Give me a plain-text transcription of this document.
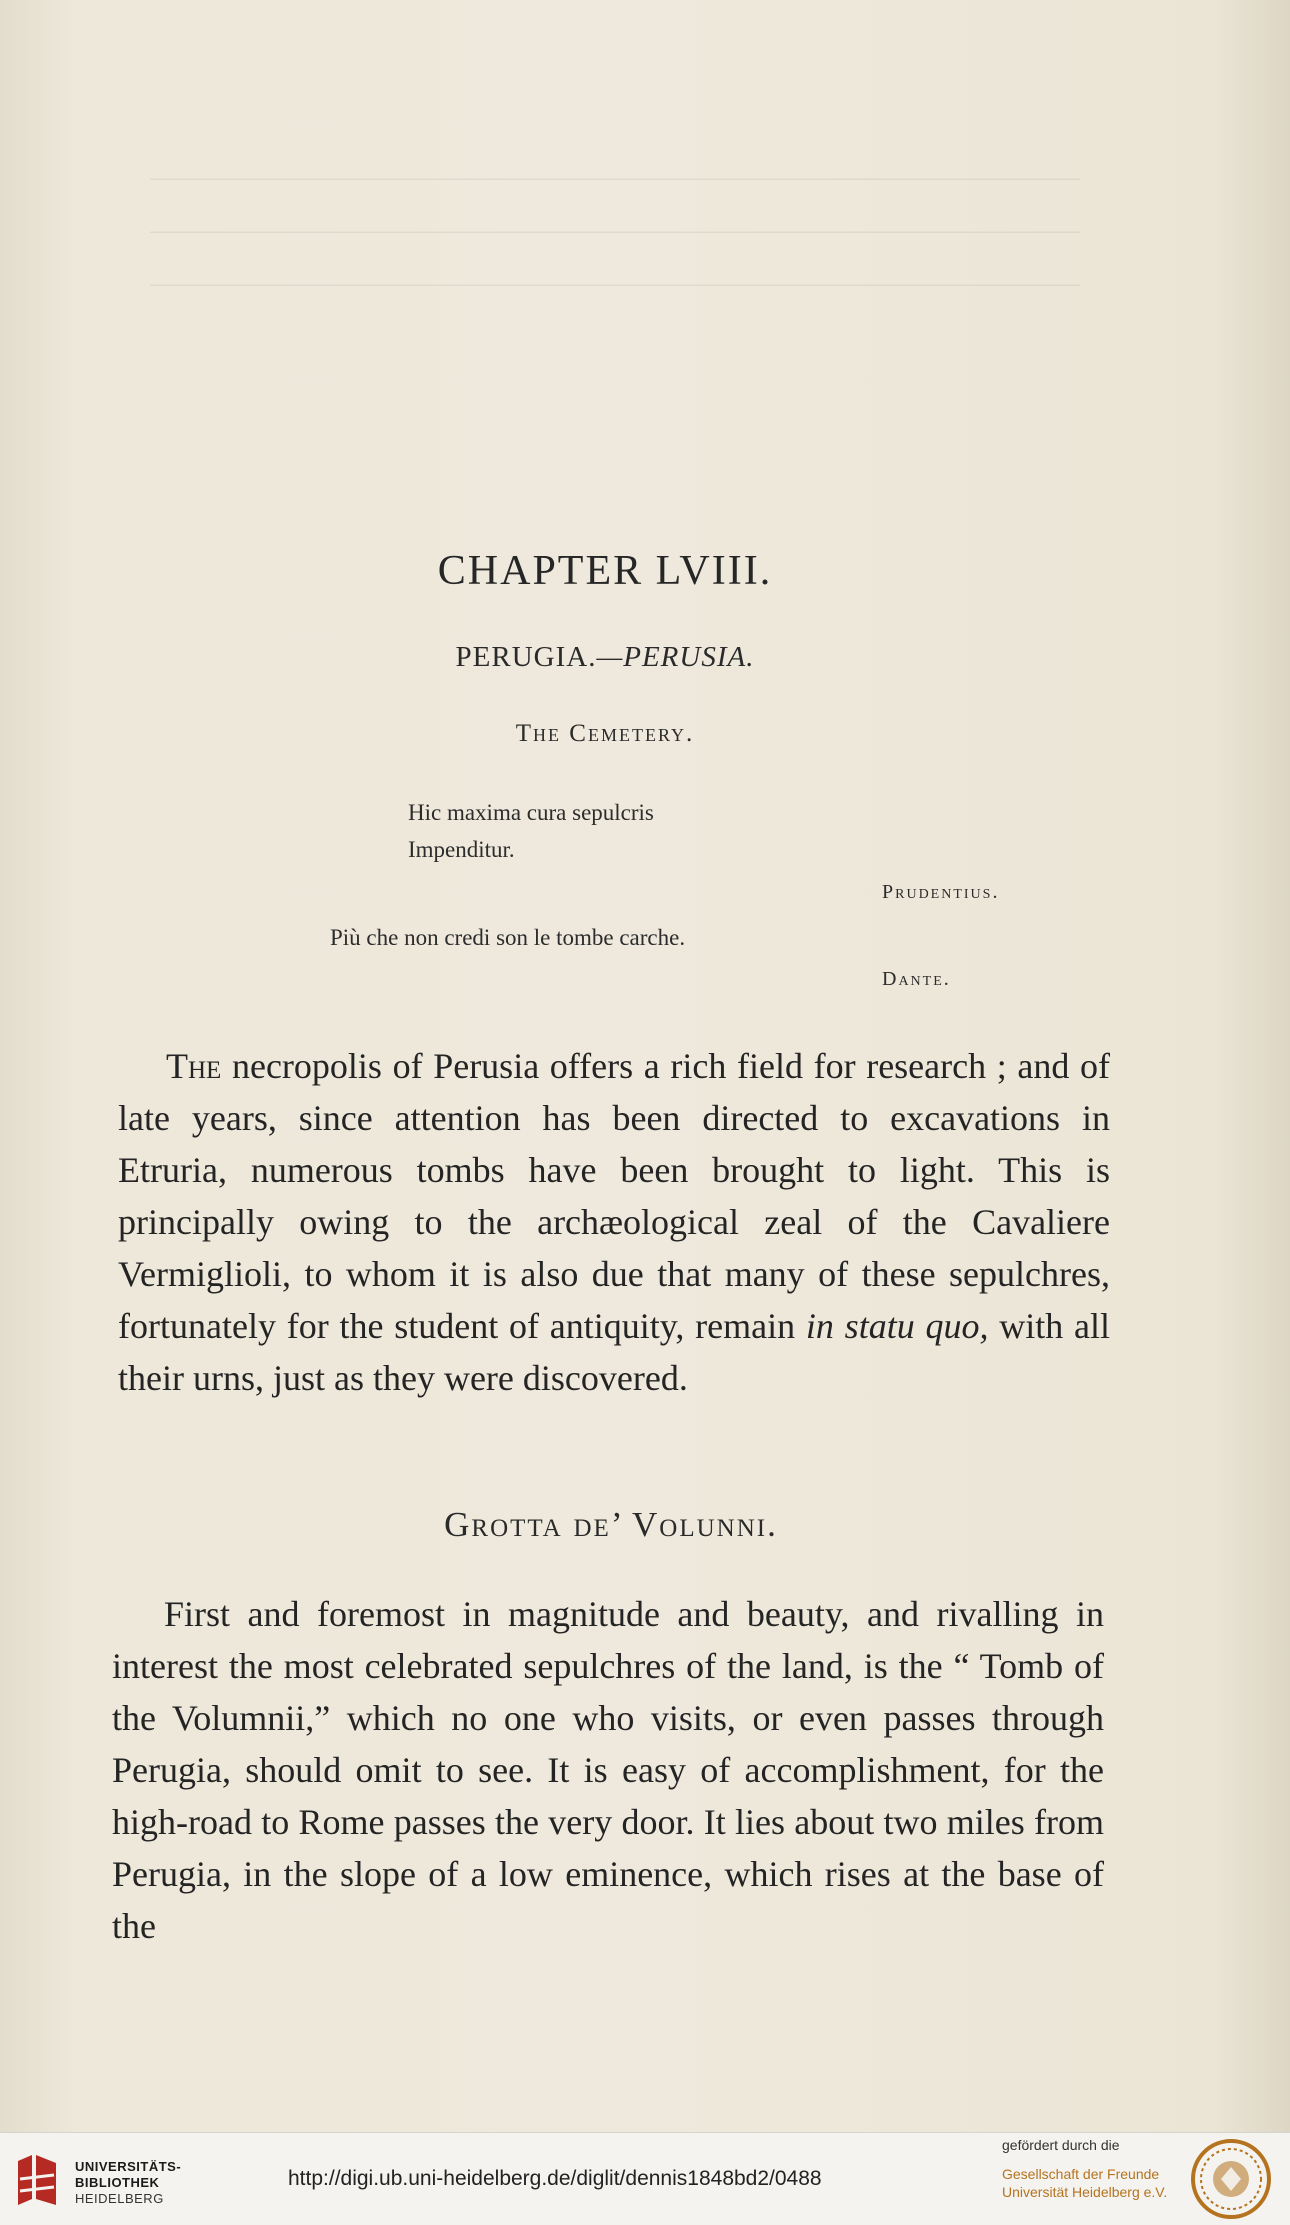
———————————————————————————————
———————————————————————————————
———————————————————————————————
CHAPTER LVIII.
PERUGIA.—PERUSIA.
The Cemetery.
Hic maxima cura sepulcris
Impenditur.
Prudentius.
Più che non credi son le tombe carche.
Dante.
The necropolis of Perusia offers a rich field for research ; and of late years, since attention has been directed to excavations in Etruria, numerous tombs have been brought to light. This is principally owing to the archæological zeal of the Cavaliere Vermiglioli, to whom it is also due that many of these sepulchres, fortunately for the student of antiquity, remain in statu quo, with all their urns, just as they were discovered.
Grotta de’ Volunni.
First and foremost in magnitude and beauty, and rivalling in interest the most celebrated sepulchres of the land, is the “ Tomb of the Volumnii,” which no one who visits, or even passes through Perugia, should omit to see. It is easy of accomplishment, for the high-road to Rome passes the very door. It lies about two miles from Perugia, in the slope of a low eminence, which rises at the base of the
UNIVERSITÄTS-
BIBLIOTHEK
HEIDELBERG
http://digi.ub.uni-heidelberg.de/diglit/dennis1848bd2/0488
gefördert durch die
Gesellschaft der Freunde
Universität Heidelberg e.V.
